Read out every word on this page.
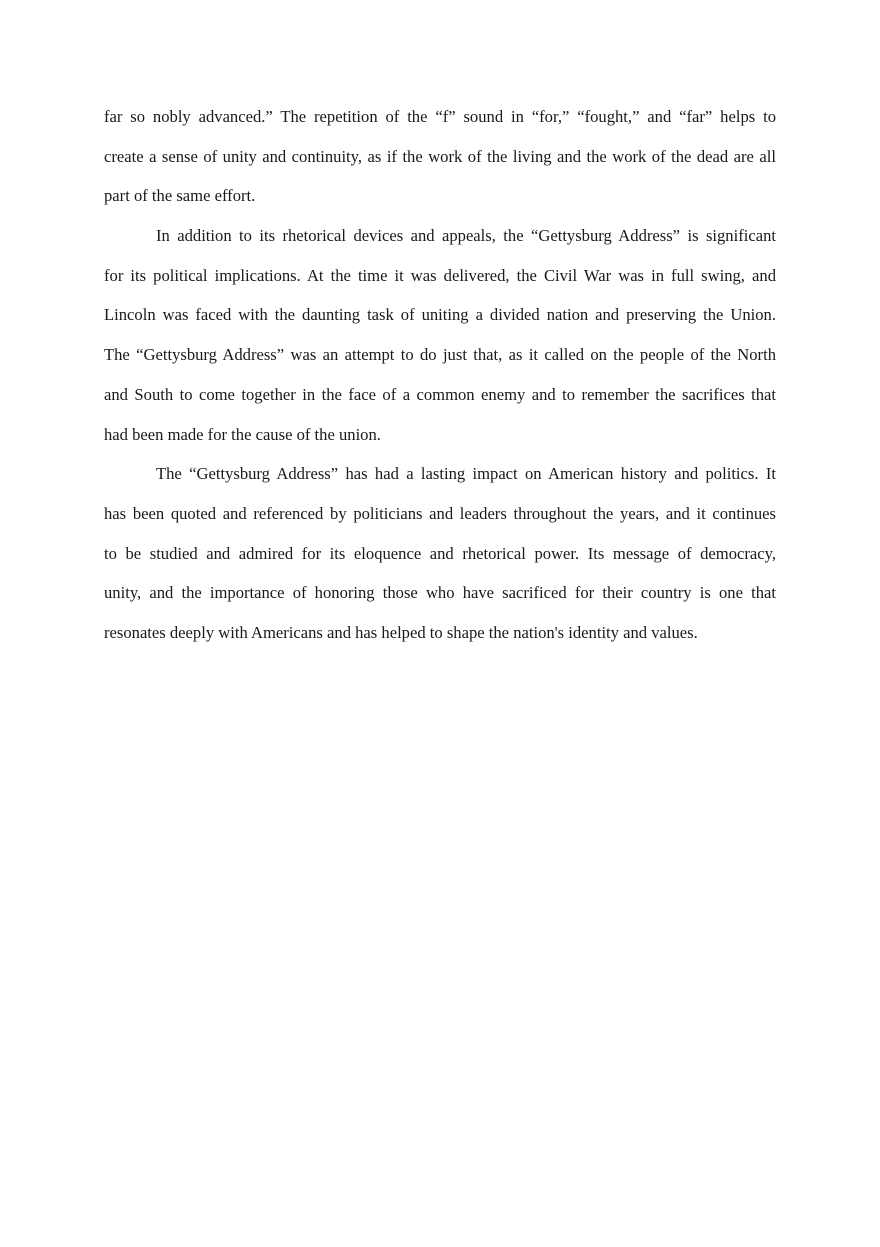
far so nobly advanced.” The repetition of the “f” sound in “for,” “fought,” and “far” helps to
create a sense of unity and continuity, as if the work of the living and the work of the dead are all
part of the same effort.
In addition to its rhetorical devices and appeals, the “Gettysburg Address” is significant
for its political implications. At the time it was delivered, the Civil War was in full swing, and
Lincoln was faced with the daunting task of uniting a divided nation and preserving the Union.
The “Gettysburg Address” was an attempt to do just that, as it called on the people of the North
and South to come together in the face of a common enemy and to remember the sacrifices that
had been made for the cause of the union.
The “Gettysburg Address” has had a lasting impact on American history and politics. It
has been quoted and referenced by politicians and leaders throughout the years, and it continues
to be studied and admired for its eloquence and rhetorical power. Its message of democracy,
unity, and the importance of honoring those who have sacrificed for their country is one that
resonates deeply with Americans and has helped to shape the nation's identity and values.
